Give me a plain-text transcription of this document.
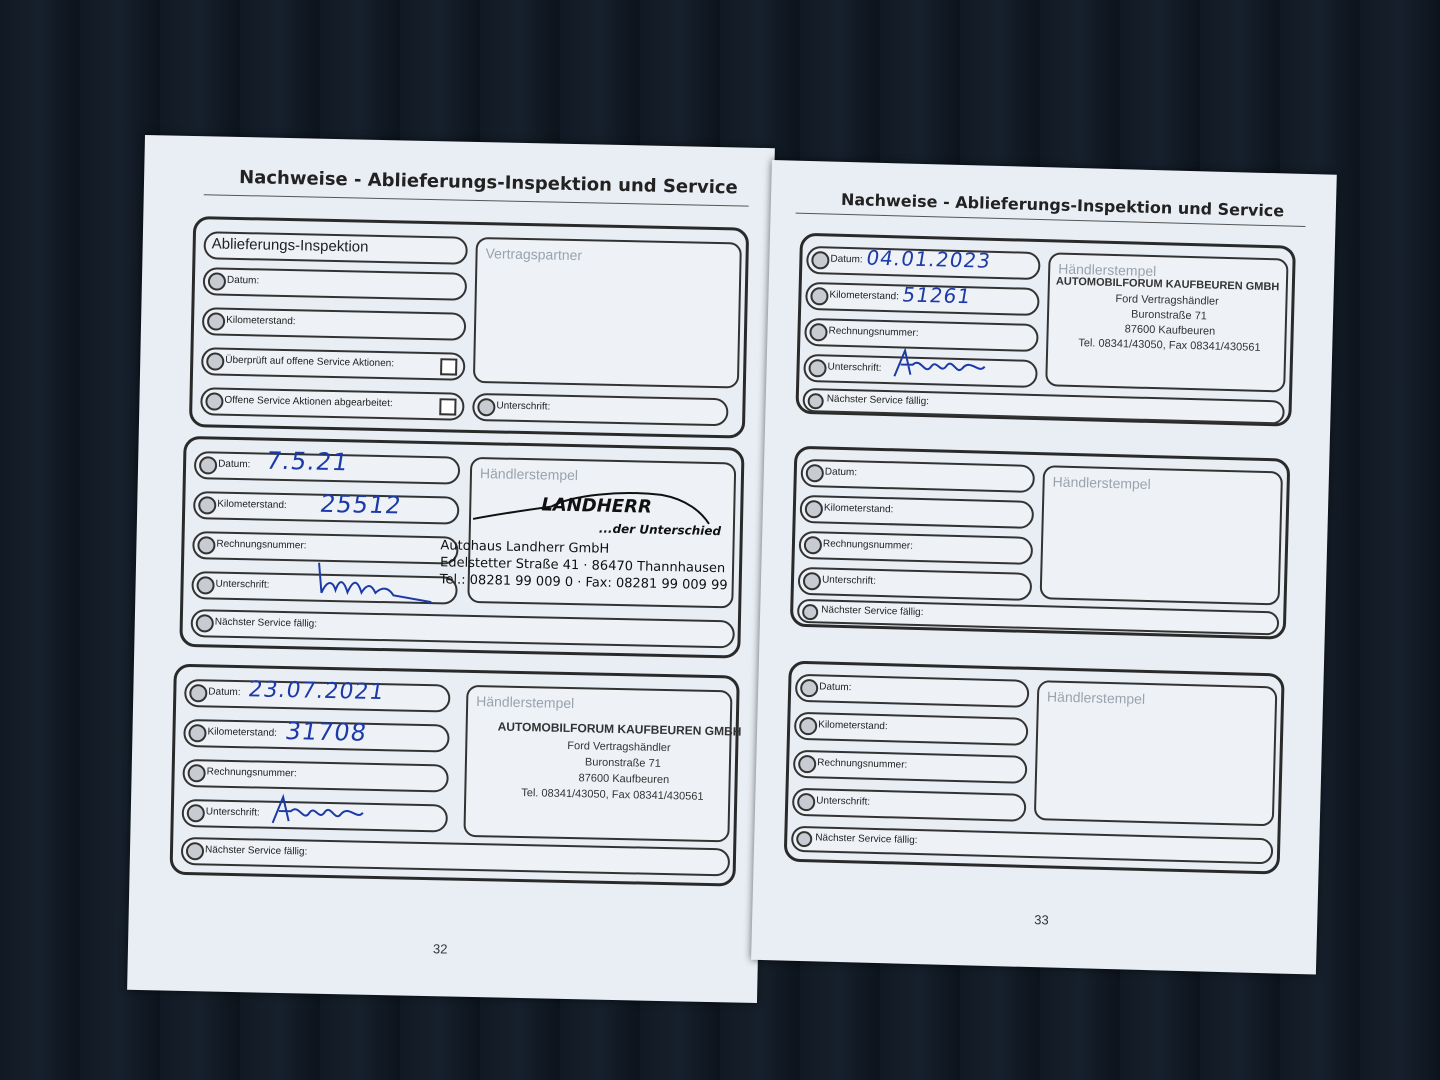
Nachweise - Ablieferungs-Inspektion und Service
Ablieferungs-Inspektion
Datum:
Kilometerstand:
Überprüft auf offene Service Aktionen:
Offene Service Aktionen abgearbeitet:
Vertragspartner
Unterschrift:
Datum: 7.5.21
Kilometerstand: 25512
Rechnungsnummer:
Unterschrift:
Nächster Service fällig:
Händlerstempel
LANDHERR
...der Unterschied
Autohaus Landherr GmbH
Edelstetter Straße 41 · 86470 Thannhausen
Tel.: 08281 99 009 0 · Fax: 08281 99 009 99
Datum: 23.07.2021
Kilometerstand: 31708
Rechnungsnummer:
Unterschrift:
Nächster Service fällig:
Händlerstempel
AUTOMOBILFORUM KAUFBEUREN GMBH
Ford Vertragshändler
Buronstraße 71
87600 Kaufbeuren
Tel. 08341/43050, Fax 08341/430561
32
Nachweise - Ablieferungs-Inspektion und Service
Datum: 04.01.2023
Kilometerstand: 51261
Rechnungsnummer:
Unterschrift:
Nächster Service fällig:
Händlerstempel
AUTOMOBILFORUM KAUFBEUREN GMBH
Ford Vertragshändler
Buronstraße 71
87600 Kaufbeuren
Tel. 08341/43050, Fax 08341/430561
Datum:
Kilometerstand:
Rechnungsnummer:
Unterschrift:
Nächster Service fällig:
Händlerstempel
Datum:
Kilometerstand:
Rechnungsnummer:
Unterschrift:
Nächster Service fällig:
Händlerstempel
33
